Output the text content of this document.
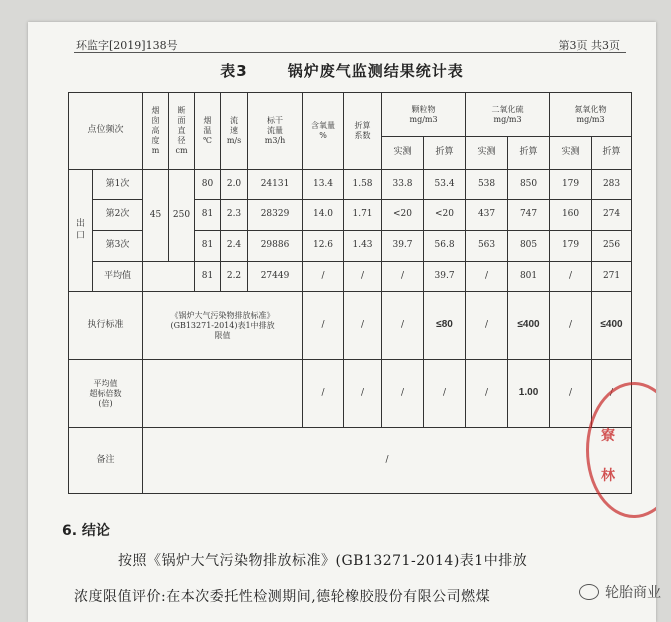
环监字[2019]138号	第3页 共3页
表3	锅炉废气监测结果统计表
点位频次		烟
囱
高
度
m	断
面
直
径
cm	烟
温
℃	流
速
m/s	标干
流量
m3/h	含氧量
%	折算
系数	颗粒物
mg/m3		二氧化硫
mg/m3		氮氧化物
mg/m3	
									实测	折算	实测	折算	实测	折算
出
口	第1次	45	250	80	2.0	24131	13.4	1.58	33.8	53.4	538	850	179	283
	第2次			81	2.3	28329	14.0	1.71	<20	<20	437	747	160	274
	第3次			81	2.4	29886	12.6	1.43	39.7	56.8	563	805	179	256
	平均值			81	2.2	27449	/	/	/	39.7	/	801	/	271
执行标准		《锅炉大气污染物排放标准》
(GB13271-2014)表1中排放
限值					/	/	/	≤80	/	≤400	/	≤400
平均值
超标倍数
(倍)							/	/	/	/	/	1.00	/	/
备注		/												
寮
林
6. 结论
按照《锅炉大气污染物排放标准》(GB13271-2014)表1中排放
浓度限值评价:在本次委托性检测期间,德轮橡胶股份有限公司燃煤	轮胎商业
